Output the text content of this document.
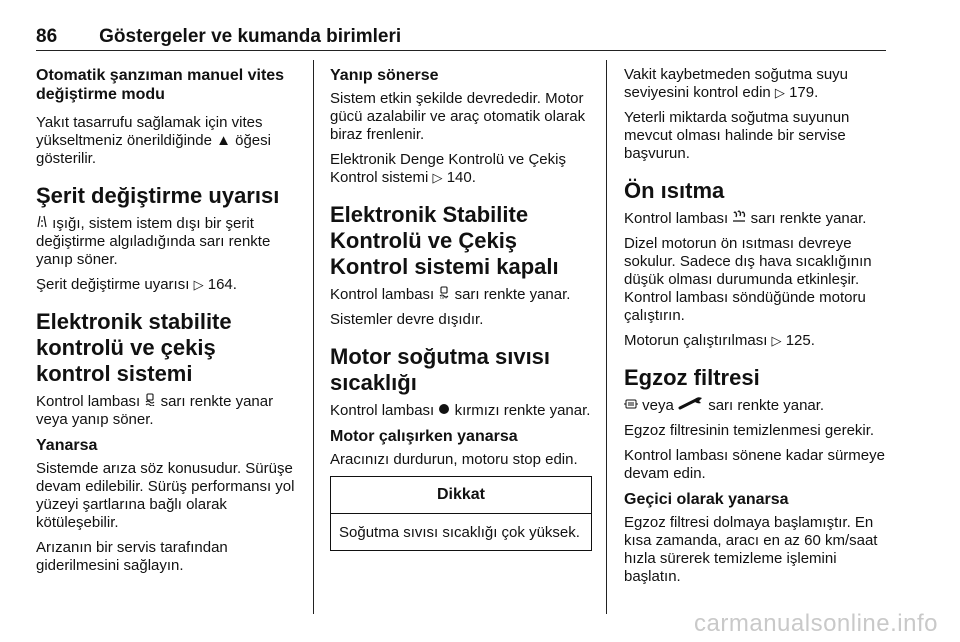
86 Göstergeler ve kumanda birimleri
Otomatik şanzıman manuel vites değiştirme modu

Yakıt tasarrufu sağlamak için vites yükseltmeniz önerildiğinde ▲ öğesi gösterilir.

Şerit değiştirme uyarısı

ışığı, sistem istem dışı bir şerit değiştirme algıladığında sarı renkte yanıp söner.

Şerit değiştirme uyarısı ▷ 164.

Elektronik stabilite kontrolü ve çekiş kontrol sistemi

Kontrol lambası sarı renkte yanar veya yanıp söner.

Yanarsa

Sistemde arıza söz konusudur. Sürüşe devam edilebilir. Sürüş performansı yol yüzeyi şartlarına bağlı olarak kötüleşebilir.

Arızanın bir servis tarafından giderilmesini sağlayın.

Yanıp sönerse

Sistem etkin şekilde devrededir. Motor gücü azalabilir ve araç otomatik olarak biraz frenlenir.

Elektronik Denge Kontrolü ve Çekiş Kontrol sistemi ▷ 140.

Elektronik Stabilite Kontrolü ve Çekiş Kontrol sistemi kapalı

Kontrol lambası OFF sarı renkte yanar.

Sistemler devre dışıdır.

Motor soğutma sıvısı sıcaklığı

Kontrol lambası kırmızı renkte yanar.

Motor çalışırken yanarsa

Aracınızı durdurun, motoru stop edin.

Dikkat
Soğutma sıvısı sıcaklığı çok yüksek.

Vakit kaybetmeden soğutma suyu seviyesini kontrol edin ▷ 179.

Yeterli miktarda soğutma suyunun mevcut olması halinde bir servise başvurun.

Ön ısıtma

Kontrol lambası sarı renkte yanar.

Dizel motorun ön ısıtması devreye sokulur. Sadece dış hava sıcaklığının düşük olması durumunda etkinleşir. Kontrol lambası söndüğünde motoru çalıştırın.

Motorun çalıştırılması ▷ 125.

Egzoz filtresi

veya sarı renkte yanar.

Egzoz filtresinin temizlenmesi gerekir.

Kontrol lambası sönene kadar sürmeye devam edin.

Geçici olarak yanarsa

Egzoz filtresi dolmaya başlamıştır. En kısa zamanda, aracı en az 60 km/saat hızla sürerek temizleme işlemini başlatın.

carmanualsonline.info
